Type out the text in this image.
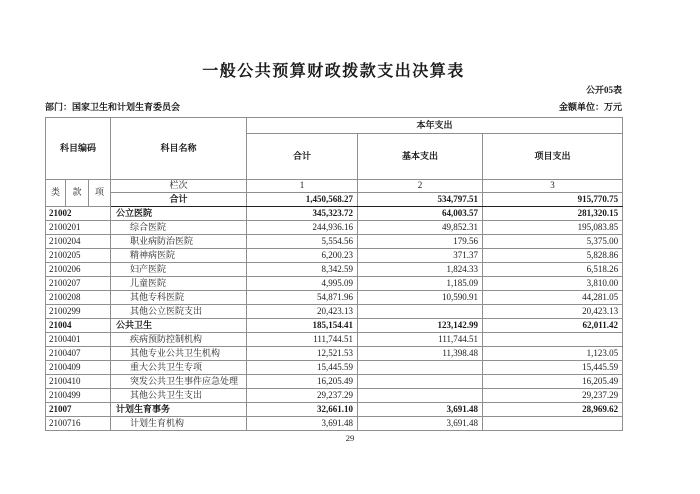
一般公共预算财政拨款支出决算表
公开05表
部门：国家卫生和计划生育委员会	金额单位：万元
科目编码			科目名称	本年支出		
				合计	基本支出	项目支出
类	款	项	栏次	1	2	3
			合计	1,450,568.27	534,797.51	915,770.75
21002			公立医院	345,323.72	64,003.57	281,320.15
2100201			综合医院	244,936.16	49,852.31	195,083.85
2100204			职业病防治医院	5,554.56	179.56	5,375.00
2100205			精神病医院	6,200.23	371.37	5,828.86
2100206			妇产医院	8,342.59	1,824.33	6,518.26
2100207			儿童医院	4,995.09	1,185.09	3,810.00
2100208			其他专科医院	54,871.96	10,590.91	44,281.05
2100299			其他公立医院支出	20,423.13		20,423.13
21004			公共卫生	185,154.41	123,142.99	62,011.42
2100401			疾病预防控制机构	111,744.51	111,744.51	
2100407			其他专业公共卫生机构	12,521.53	11,398.48	1,123.05
2100409			重大公共卫生专项	15,445.59		15,445.59
2100410			突发公共卫生事件应急处理	16,205.49		16,205.49
2100499			其他公共卫生支出	29,237.29		29,237.29
21007			计划生育事务	32,661.10	3,691.48	28,969.62
2100716			计划生育机构	3,691.48	3,691.48	
29
